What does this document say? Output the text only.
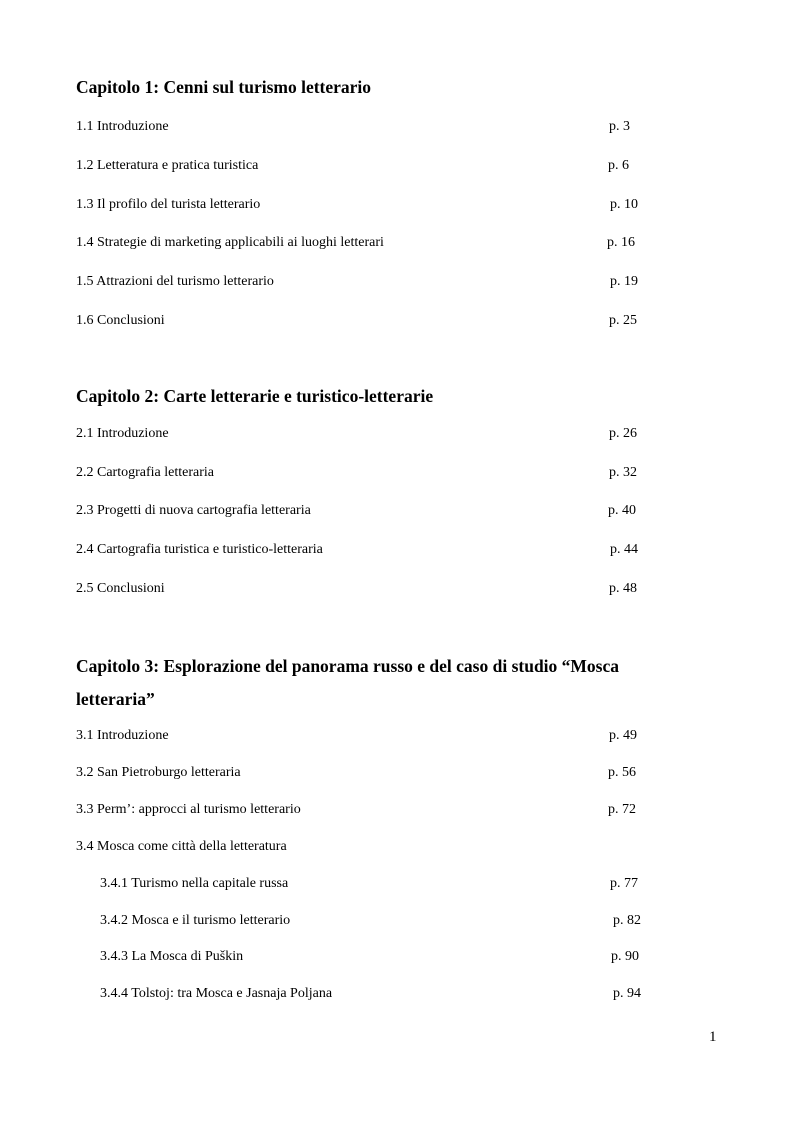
Capitolo 1: Cenni sul turismo letterario
1.1 Introduzione	p. 3
1.2 Letteratura e pratica turistica	p. 6
1.3 Il profilo del turista letterario	p. 10
1.4 Strategie di marketing applicabili ai luoghi letterari	p. 16
1.5 Attrazioni del turismo letterario	p. 19
1.6 Conclusioni	p. 25
Capitolo 2: Carte letterarie e turistico-letterarie
2.1 Introduzione	p. 26
2.2 Cartografia letteraria	p. 32
2.3 Progetti di nuova cartografia letteraria	p. 40
2.4 Cartografia turistica e turistico-letteraria	p. 44
2.5 Conclusioni	p. 48
Capitolo 3: Esplorazione del panorama russo e del caso di studio “Mosca
letteraria”
3.1 Introduzione	p. 49
3.2 San Pietroburgo letteraria	p. 56
3.3 Perm’: approcci al turismo letterario	p. 72
3.4 Mosca come città della letteratura
3.4.1 Turismo nella capitale russa	p. 77
3.4.2 Mosca e il turismo letterario	p. 82
3.4.3 La Mosca di Puškin	p. 90
3.4.4 Tolstoj: tra Mosca e Jasnaja Poljana	p. 94
1
